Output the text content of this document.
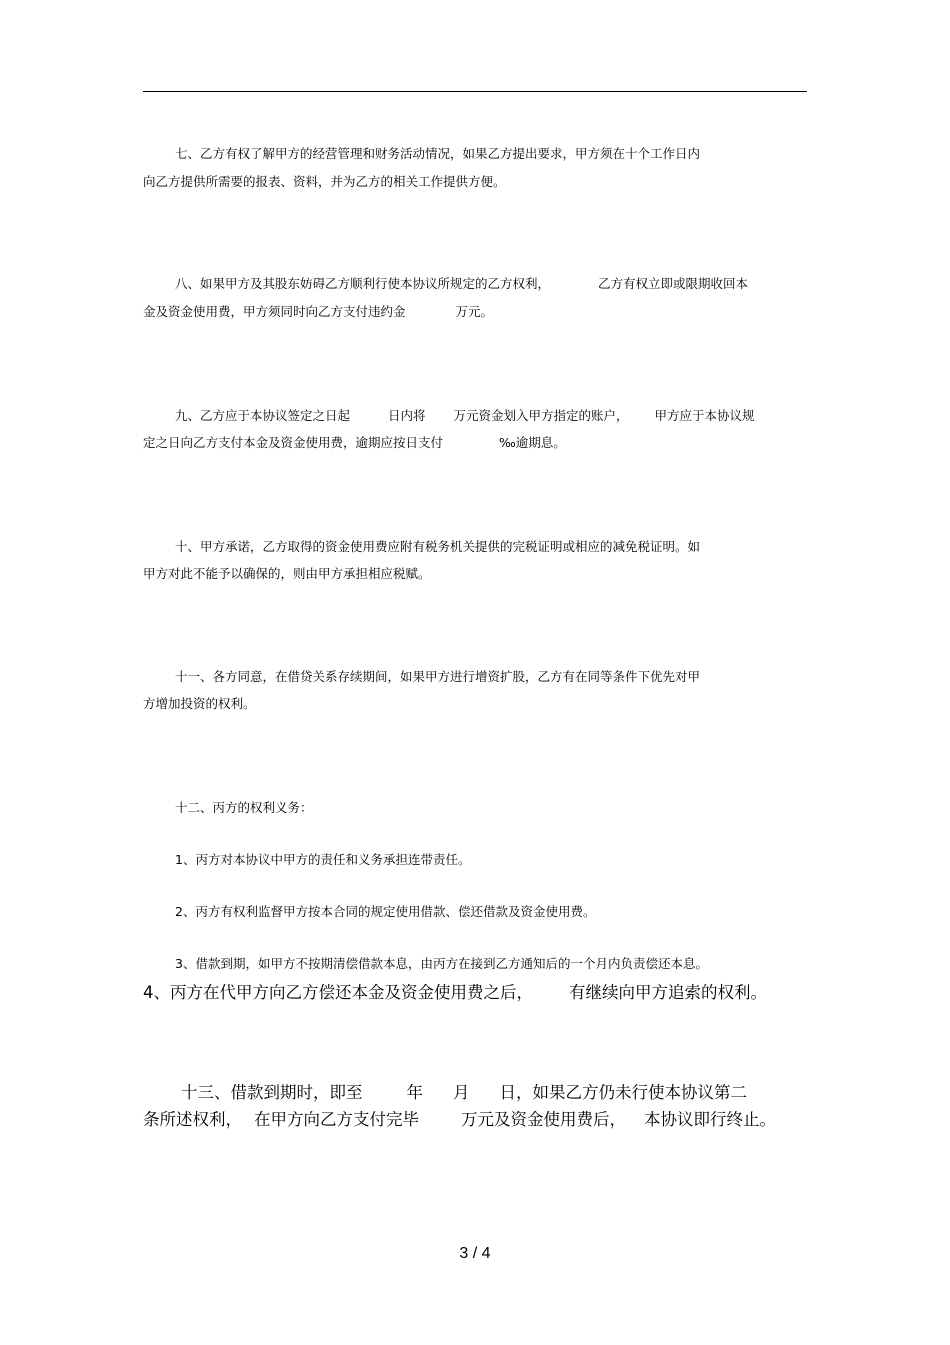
七、乙方有权了解甲方的经营管理和财务活动情况，如果乙方提出要求，甲方须在十个工作日内

向乙方提供所需要的报表、资料，并为乙方的相关工作提供方便。

八、如果甲方及其股东妨碍乙方顺利行使本协议所规定的乙方权利，	乙方有权立即或限期收回本

金及资金使用费，甲方须同时向乙方支付违约金	万元。

九、乙方应于本协议签定之日起	日内将 万元资金划入甲方指定的账户， 甲方应于本协议规

定之日向乙方支付本金及资金使用费，逾期应按日支付	‰逾期息。

十、甲方承诺，乙方取得的资金使用费应附有税务机关提供的完税证明或相应的减免税证明。如

甲方对此不能予以确保的，则由甲方承担相应税赋。

十一、各方同意，在借贷关系存续期间，如果甲方进行增资扩股，乙方有在同等条件下优先对甲

方增加投资的权利。

十二、丙方的权利义务：

1、丙方对本协议中甲方的责任和义务承担连带责任。

2、丙方有权利监督甲方按本合同的规定使用借款、偿还借款及资金使用费。

3、借款到期，如甲方不按期清偿借款本息，由丙方在接到乙方通知后的一个月内负责偿还本息。

4、丙方在代甲方向乙方偿还本金及资金使用费之后， 有继续向甲方追索的权利。

十三、借款到期时，即至	年 月 日，如果乙方仍未行使本协议第二

条所述权利， 在甲方向乙方支付完毕	万元及资金使用费后， 本协议即行终止。

3 / 4
